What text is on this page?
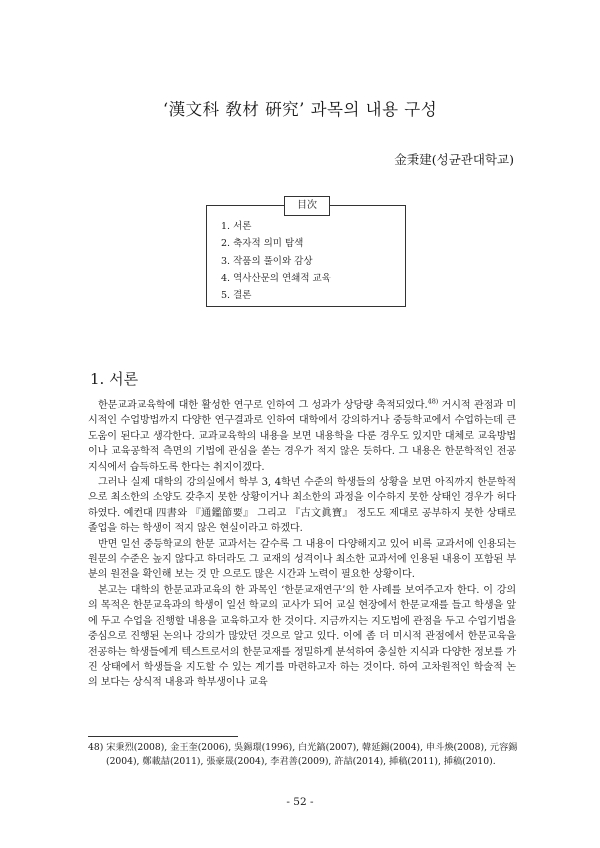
‘漢文科 敎材 硏究’ 과목의 내용 구성
金秉建(성균관대학교)
目次
1. 서론
2. 축자적 의미 탐색
3. 작품의 풀이와 감상
4. 역사산문의 연쇄적 교육
5. 결론
1. 서론

한문교과교육학에 대한 활성한 연구로 인하여 그 성과가 상당량 축적되었다.$^{48)}$ 거시적 관점과 미시적인 수업방법까지 다양한 연구결과로 인하여 대학에서 강의하거나 중등학교에서 수업하는데 큰 도움이 된다고 생각한다. 교과교육학의 내용을 보면 내용학을 다룬 경우도 있지만 대체로 교육방법이나 교육공학적 측면의 기법에 관심을 쏟는 경우가 적지 않은 듯하다. 그 내용은 한문학적인 전공지식에서 습득하도록 한다는 취지이겠다.

그러나 실제 대학의 강의실에서 학부 3, 4학년 수준의 학생들의 상황을 보면 아직까지 한문학적으로 최소한의 소양도 갖추지 못한 상황이거나 최소한의 과정을 이수하지 못한 상태인 경우가 허다하였다. 예컨대 四書와 『通鑑節要』 그리고 『古文眞寶』 정도도 제대로 공부하지 못한 상태로 졸업을 하는 학생이 적지 않은 현실이라고 하겠다.

반면 일선 중등학교의 한문 교과서는 갈수록 그 내용이 다양해지고 있어 비록 교과서에 인용되는 원문의 수준은 높지 않다고 하더라도 그 교재의 성격이나 최소한 교과서에 인용된 내용이 포함된 부분의 원전을 확인해 보는 것 만 으로도 많은 시간과 노력이 필요한 상황이다.

본고는 대학의 한문교과교육의 한 과목인 ‘한문교재연구’의 한 사례를 보여주고자 한다. 이 강의의 목적은 한문교육과의 학생이 일선 학교의 교사가 되어 교실 현장에서 한문교재를 들고 학생을 앞에 두고 수업을 진행할 내용을 교육하고자 한 것이다. 지금까지는 지도법에 관점을 두고 수업기법을 중심으로 진행된 논의나 강의가 많았던 것으로 알고 있다. 이에 좀 더 미시적 관점에서 한문교육을 전공하는 학생들에게 텍스트로서의 한문교재를 정밀하게 분석하여 충실한 지식과 다양한 정보를 가진 상태에서 학생들을 지도할 수 있는 계기를 마련하고자 하는 것이다. 하여 고차원적인 학술적 논의 보다는 상식적 내용과 학부생이나 교육

48) 宋秉烈(2008), 金王奎(2006), 吳錫環(1996), 白光鎬(2007), 韓延錫(2004), 申斗煥(2008), 元容錫
(2004), 鄭載喆(2011), 張豪晟(2004), 李君善(2009), 許喆(2014), 揷稿(2011), 揷稿(2010).
- 52 -
